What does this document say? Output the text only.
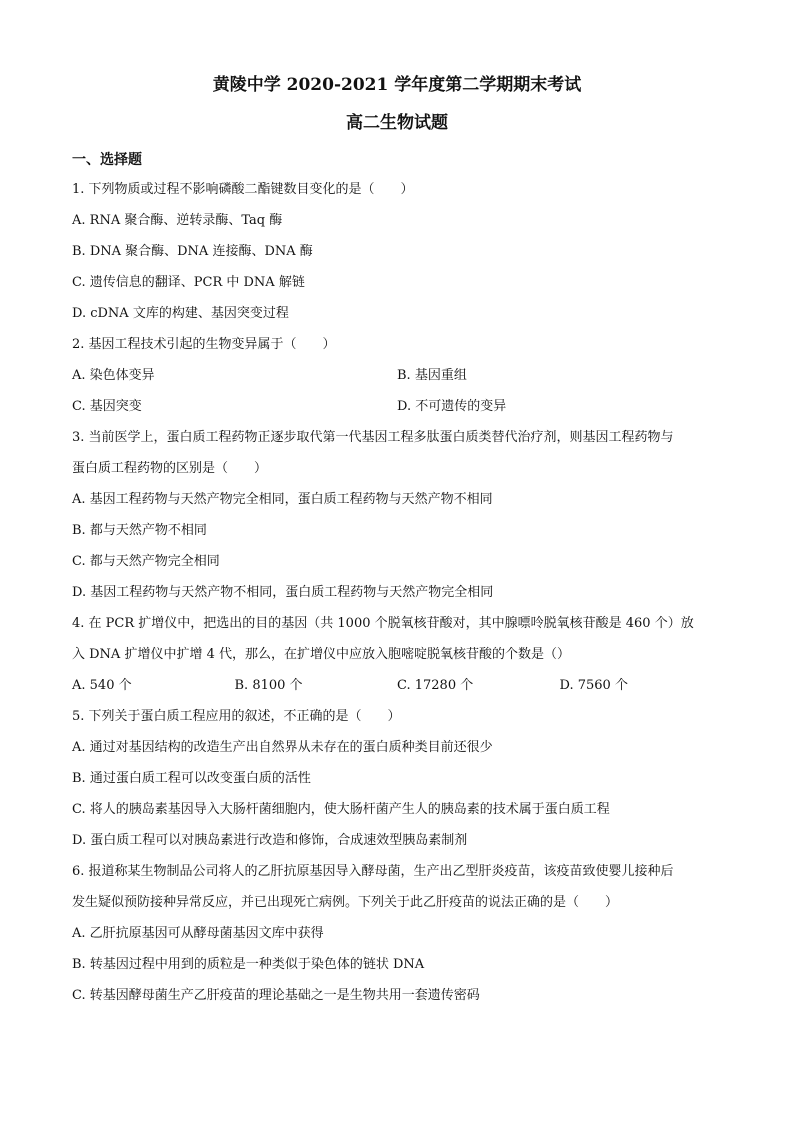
黄陵中学 2020-2021 学年度第二学期期末考试
高二生物试题
一、选择题
1. 下列物质或过程不影响磷酸二酯键数目变化的是（　　）
A. RNA 聚合酶、逆转录酶、Taq 酶
B. DNA 聚合酶、DNA 连接酶、DNA 酶
C. 遗传信息的翻译、PCR 中 DNA 解链
D. cDNA 文库的构建、基因突变过程
2. 基因工程技术引起的生物变异属于（　　）
A. 染色体变异	B. 基因重组
C. 基因突变	D. 不可遗传的变异
3. 当前医学上，蛋白质工程药物正逐步取代第一代基因工程多肽蛋白质类替代治疗剂，则基因工程药物与
蛋白质工程药物的区别是（　　）
A. 基因工程药物与天然产物完全相同，蛋白质工程药物与天然产物不相同
B. 都与天然产物不相同
C. 都与天然产物完全相同
D. 基因工程药物与天然产物不相同，蛋白质工程药物与天然产物完全相同
4. 在 PCR 扩增仪中，把选出的目的基因（共 1000 个脱氧核苷酸对，其中腺嘌呤脱氧核苷酸是 460 个）放
入 DNA 扩增仪中扩增 4 代，那么，在扩增仪中应放入胞嘧啶脱氧核苷酸的个数是（）
A. 540 个	B. 8100 个	C. 17280 个	D. 7560 个
5. 下列关于蛋白质工程应用的叙述，不正确的是（　　）
A. 通过对基因结构的改造生产出自然界从未存在的蛋白质种类目前还很少
B. 通过蛋白质工程可以改变蛋白质的活性
C. 将人的胰岛素基因导入大肠杆菌细胞内，使大肠杆菌产生人的胰岛素的技术属于蛋白质工程
D. 蛋白质工程可以对胰岛素进行改造和修饰，合成速效型胰岛素制剂
6. 报道称某生物制品公司将人的乙肝抗原基因导入酵母菌，生产出乙型肝炎疫苗，该疫苗致使婴儿接种后
发生疑似预防接种异常反应，并已出现死亡病例。下列关于此乙肝疫苗的说法正确的是（　　）
A. 乙肝抗原基因可从酵母菌基因文库中获得
B. 转基因过程中用到的质粒是一种类似于染色体的链状 DNA
C. 转基因酵母菌生产乙肝疫苗的理论基础之一是生物共用一套遗传密码
